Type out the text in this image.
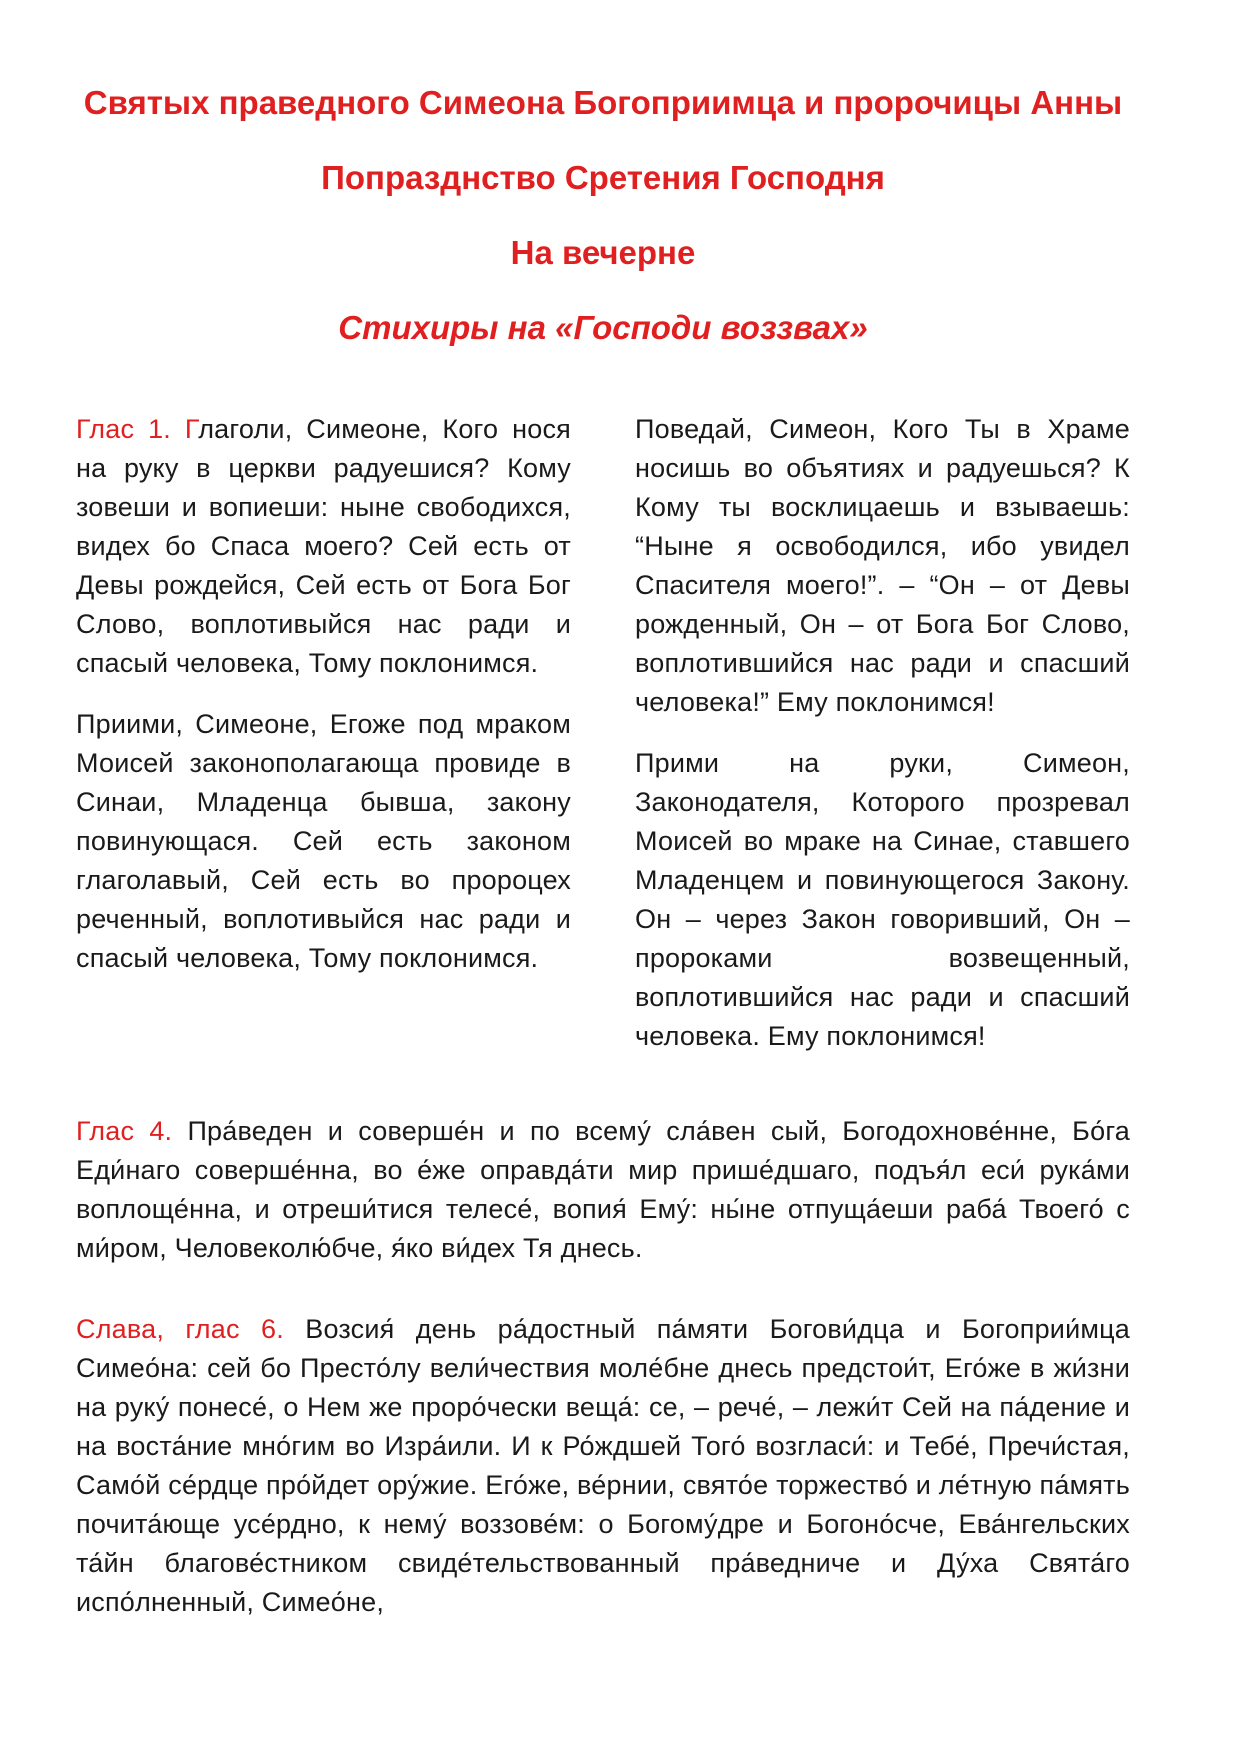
Святых праведного Симеона Богоприимца и пророчицы Анны
Попразднство Сретения Господня
На вечерне
Стихиры на «Господи воззвах»

Глас 1. Глаголи, Симеоне, Кого нося на руку в церкви радуешися? Кому зовеши и вопиеши: ныне свободихся, видех бо Спаса моего? Сей есть от Девы рождейся, Сей есть от Бога Бог Слово, воплотивыйся нас ради и спасый человека, Тому поклонимся.

Приими, Симеоне, Егоже под мраком Моисей законополагающа провиде в Синаи, Младенца бывша, закону повинующася. Сей есть законом глаголавый, Сей есть во пророцех реченный, воплотивыйся нас ради и спасый человека, Тому поклонимся.

Поведай, Симеон, Кого Ты в Храме носишь во объятиях и радуешься? К Кому ты восклицаешь и взываешь: “Ныне я освободился, ибо увидел Спасителя моего!”. – “Он – от Девы рожденный, Он – от Бога Бог Слово, воплотившийся нас ради и спасший человека!” Ему поклонимся!

Прими на руки, Симеон, Законодателя, Которого прозревал Моисей во мраке на Синае, ставшего Младенцем и повинующегося Закону. Он – через Закон говоривший, Он – пророками возвещенный, воплотившийся нас ради и спасший человека. Ему поклонимся!

Глас 4. Пра́веден и соверше́н и по всему́ сла́вен сый, Богодохнове́нне, Бо́га Еди́наго соверше́нна, во е́же оправда́ти мир прише́дшаго, подъя́л еси́ рука́ми воплоще́нна, и отреши́тися телесе́, вопия́ Ему́: ны́не отпуща́еши раба́ Твоего́ с ми́ром, Человеколю́бче, я́ко ви́дех Тя днесь.

Слава, глас 6. Возсия́ день ра́достный па́мяти Богови́дца и Богоприи́мца Симео́на: сей бо Престо́лу вели́чествия моле́бне днесь предстои́т, Его́же в жи́зни на руку́ понесе́, о Нем же проро́чески веща́: се, – рече́, – лежи́т Сей на па́дение и на воста́ние мно́гим во Изра́или. И к Ро́ждшей Того́ возгласи́: и Тебе́, Пречи́стая, Само́й се́рдце про́йдет ору́жие. Его́же, ве́рнии, свято́е торжество́ и ле́тную па́мять почита́юще усе́рдно, к нему́ воззове́м: о Богому́дре и Богоно́сче, Ева́нгельских та́йн благове́стником свиде́тельствованный пра́ведниче и Ду́ха Свята́го испо́лненный, Симео́не,
